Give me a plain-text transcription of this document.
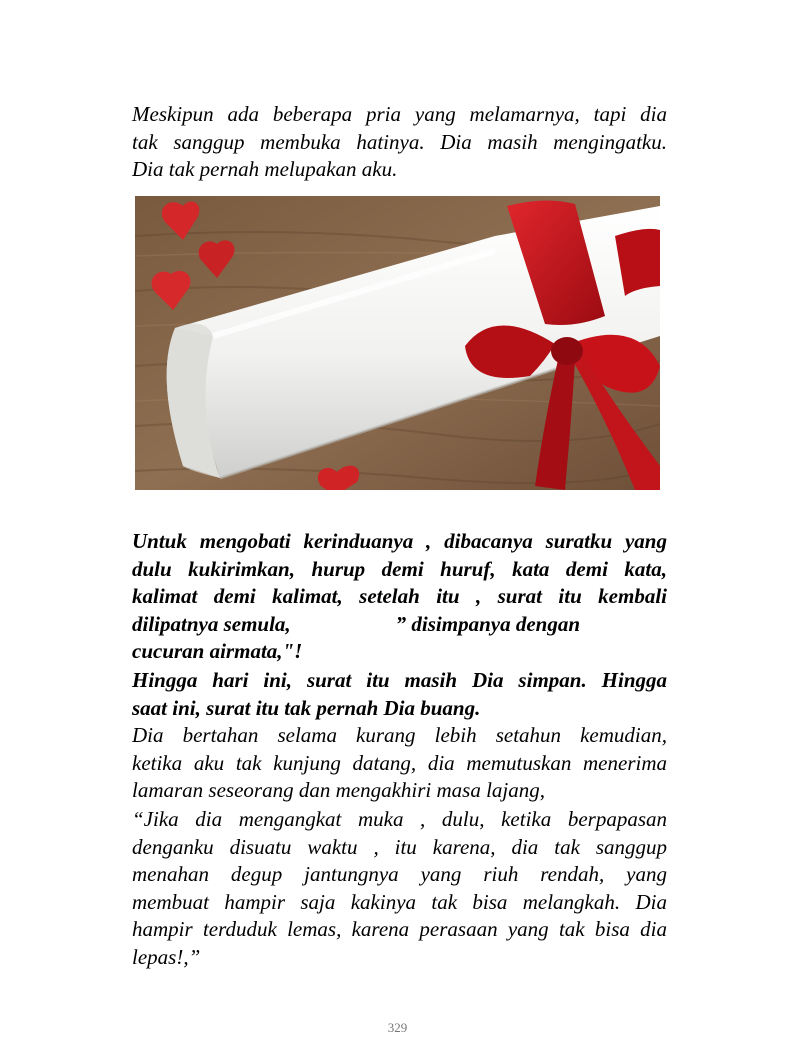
Meskipun ada beberapa pria yang melamarnya, tapi dia
tak sanggup membuka hatinya. Dia masih mengingatku.
Dia tak pernah melupakan aku.

Untuk mengobati kerinduanya , dibacanya suratku yang
dulu kukirimkan, hurup demi huruf, kata demi kata,
kalimat demi kalimat, setelah itu , surat itu kembali
dilipatnya semula,                    ” disimpanya dengan
cucuran airmata,"!

Hingga hari ini, surat itu masih Dia simpan. Hingga
saat ini, surat itu tak pernah Dia buang.

Dia bertahan selama kurang lebih setahun kemudian,
ketika aku tak kunjung datang, dia memutuskan menerima
lamaran seseorang dan mengakhiri masa lajang,

“Jika dia mengangkat muka , dulu, ketika berpapasan
denganku disuatu waktu , itu karena, dia tak sanggup
menahan degup jantungnya yang riuh rendah, yang
membuat hampir saja kakinya tak bisa melangkah. Dia
hampir terduduk lemas, karena perasaan yang tak bisa dia
lepas!,”

329
